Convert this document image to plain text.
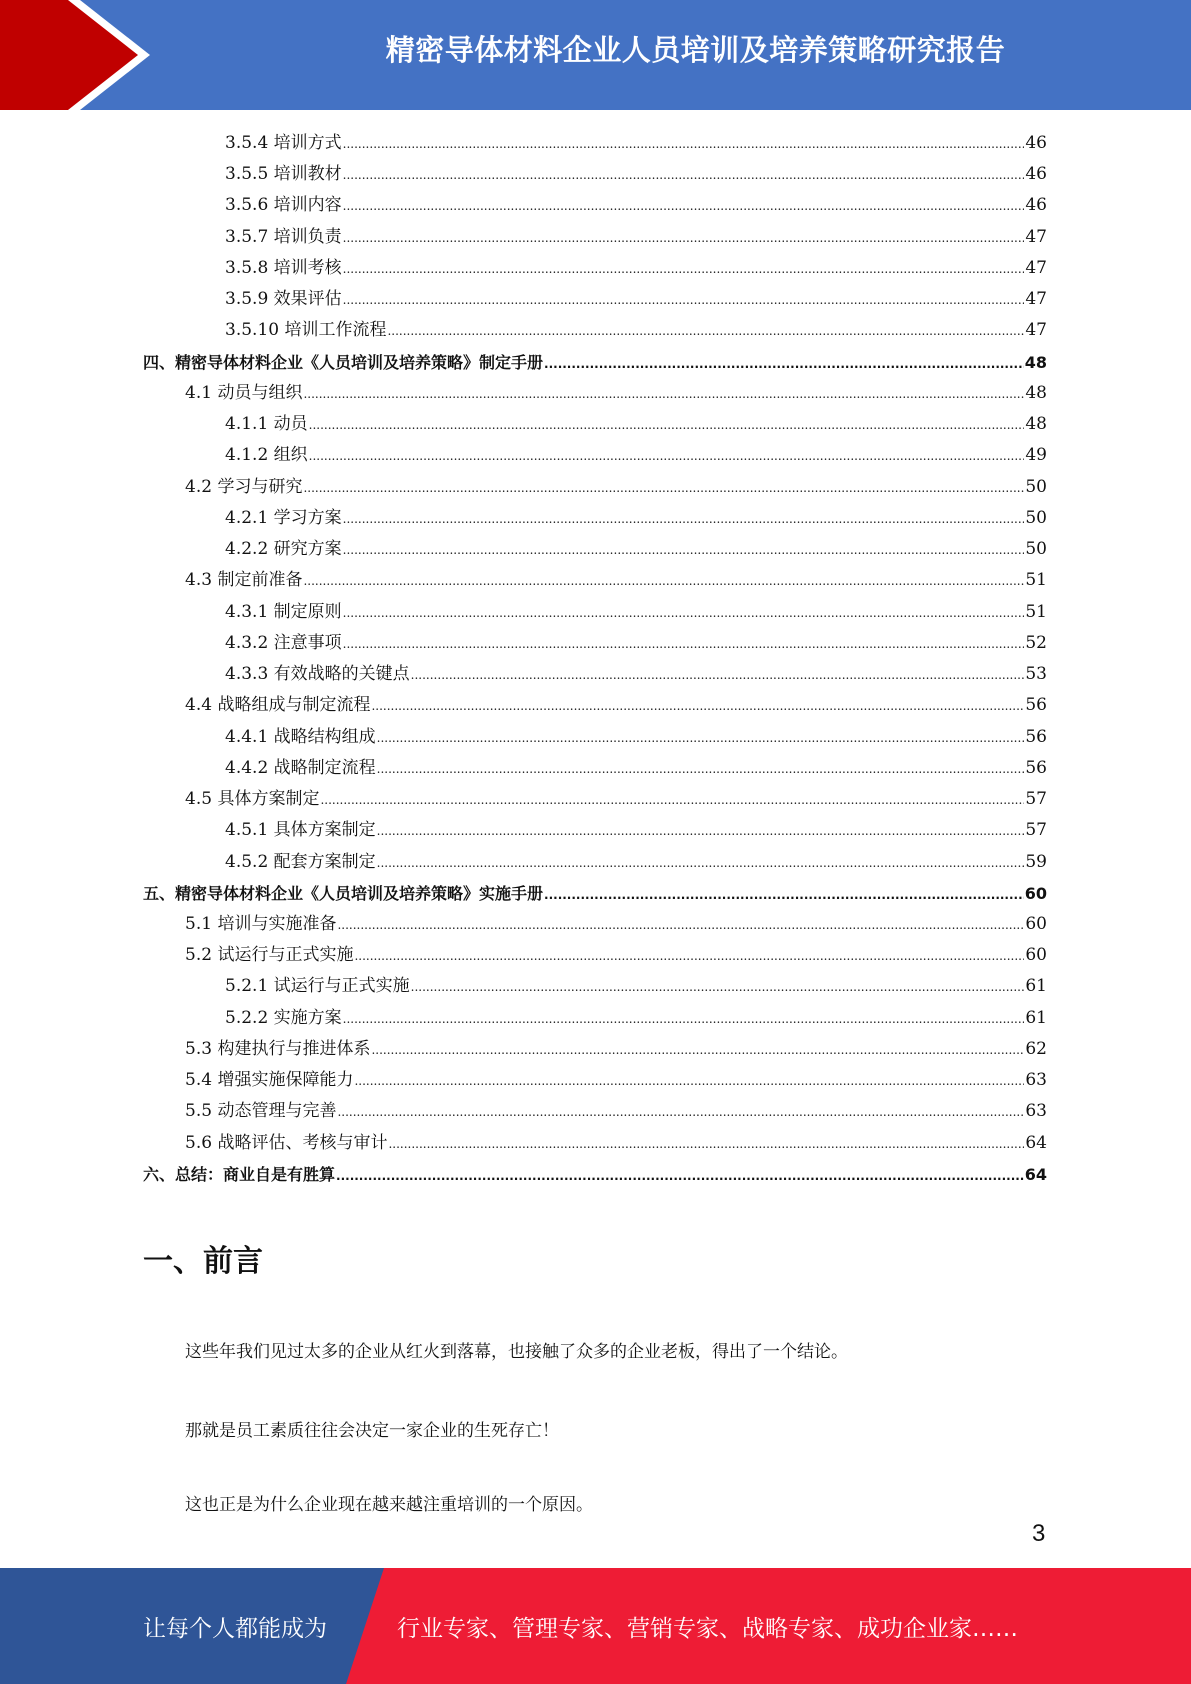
精密导体材料企业人员培训及培养策略研究报告
3.5.4 培训方式 .....	46
3.5.5 培训教材 .....	46
3.5.6 培训内容 .....	46
3.5.7 培训负责 .....	47
3.5.8 培训考核 .....	47
3.5.9 效果评估 .....	47
3.5.10 培训工作流程 .....	47
四、精密导体材料企业《人员培训及培养策略》制定手册 .....	48
4.1 动员与组织 .....	48
4.1.1 动员 .....	48
4.1.2 组织 .....	49
4.2 学习与研究 .....	50
4.2.1 学习方案 .....	50
4.2.2 研究方案 .....	50
4.3 制定前准备 .....	51
4.3.1 制定原则 .....	51
4.3.2 注意事项 .....	52
4.3.3 有效战略的关键点 .....	53
4.4 战略组成与制定流程 .....	56
4.4.1 战略结构组成 .....	56
4.4.2 战略制定流程 .....	56
4.5 具体方案制定 .....	57
4.5.1 具体方案制定 .....	57
4.5.2 配套方案制定 .....	59
五、精密导体材料企业《人员培训及培养策略》实施手册 .....	60
5.1 培训与实施准备 .....	60
5.2 试运行与正式实施 .....	60
5.2.1 试运行与正式实施 .....	61
5.2.2 实施方案 .....	61
5.3 构建执行与推进体系 .....	62
5.4 增强实施保障能力 .....	63
5.5 动态管理与完善 .....	63
5.6 战略评估、考核与审计 .....	64
六、总结：商业自是有胜算 .....	64
一、前言
这些年我们见过太多的企业从红火到落幕，也接触了众多的企业老板，得出了一个结论。
那就是员工素质往往会决定一家企业的生死存亡！
这也正是为什么企业现在越来越注重培训的一个原因。
3
让每个人都能成为	行业专家、管理专家、营销专家、战略专家、成功企业家……
